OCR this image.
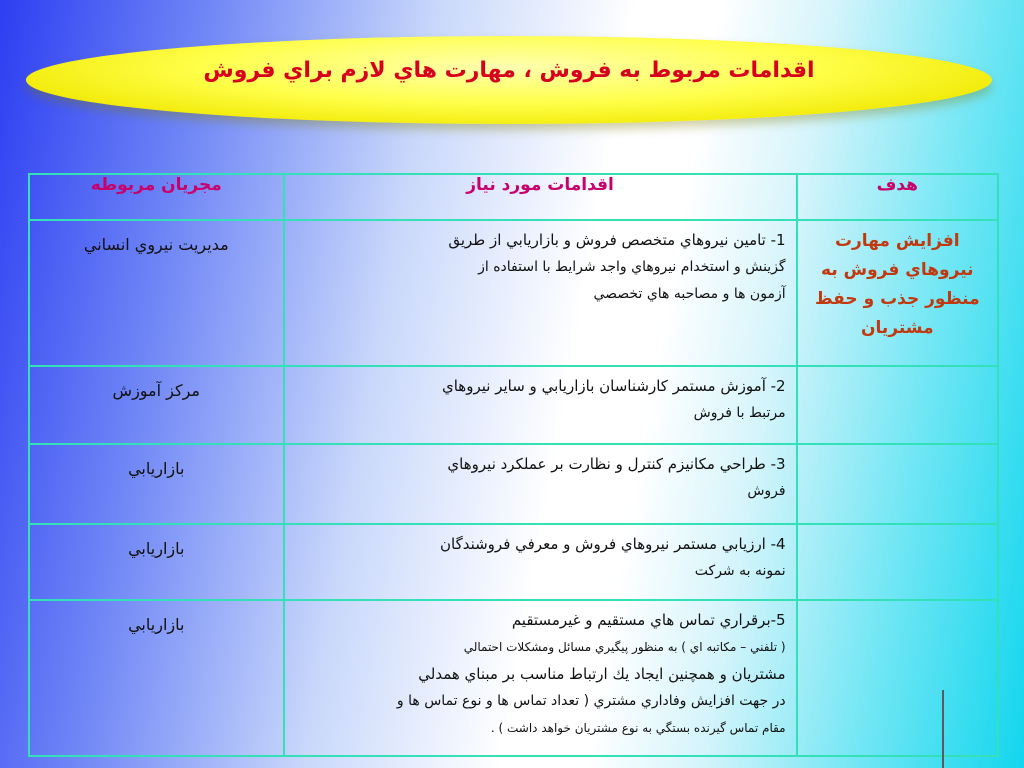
اقدامات مربوط به فروش ، مهارت هاي لازم براي فروش
هدف	اقدامات مورد نياز	مجريان مربوطه

افزايش مهارت
نيروهاي فروش به
منظور جذب و حفظ
مشتريان	1- تامين نيروهاي متخصص فروش و بازاريابي از طريق
گزينش و استخدام نيروهاي واجد شرايط با استفاده از
آزمون ها و مصاحبه هاي تخصصي	مديريت نيروي انساني

	2- آموزش مستمر كارشناسان بازاريابي و ساير نيروهاي
مرتبط با فروش	مركز آموزش

	3- طراحي مكانيزم كنترل و نظارت بر عملكرد نيروهاي
فروش	بازاريابي

	4- ارزيابي مستمر نيروهاي فروش و معرفي فروشندگان
نمونه به شركت	بازاريابي

	5-برقراري تماس هاي مستقيم و غيرمستقيم
( تلفني – مكاتبه اي ) به منظور پيگيري مسائل ومشكلات احتمالي
مشتريان و همچنين ايجاد يك ارتباط مناسب بر مبناي همدلي
در جهت افزايش وفاداري مشتري ( تعداد تماس ها و نوع تماس ها و
مقام تماس گيرنده بستگي به نوع مشتريان خواهد داشت ) .	بازاريابي
